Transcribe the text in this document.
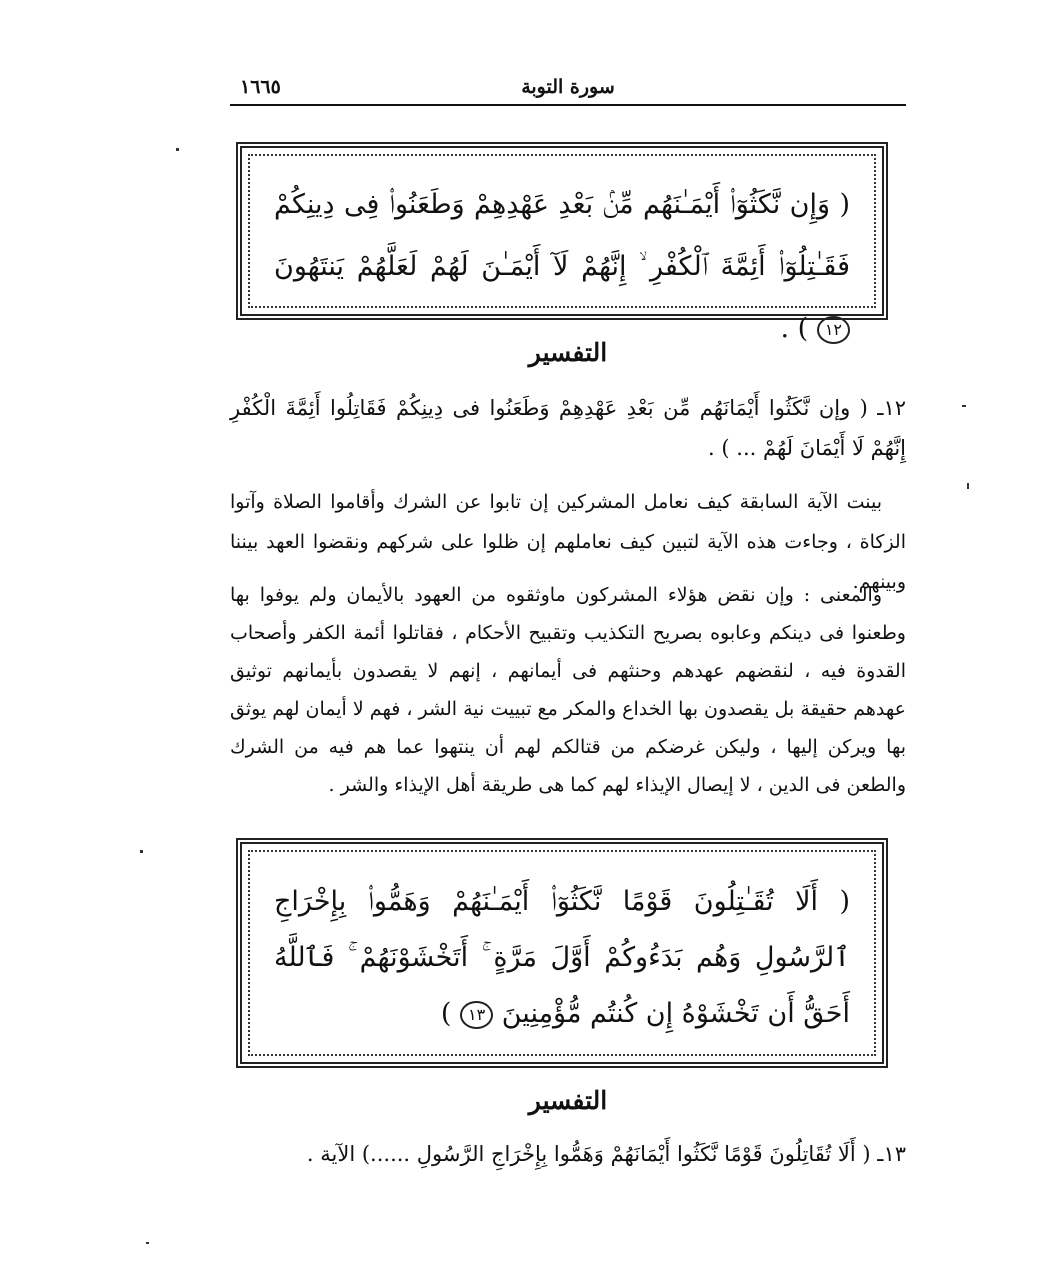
١٦٦٥	سورة التوبة
( وَإِن نَّكَثُوٓا۟ أَيْمَـٰنَهُم مِّنۢ بَعْدِ عَهْدِهِمْ وَطَعَنُوا۟ فِى دِينِكُمْ فَقَـٰتِلُوٓا۟ أَئِمَّةَ ٱلْكُفْرِ ۙ إِنَّهُمْ لَآ أَيْمَـٰنَ لَهُمْ لَعَلَّهُمْ يَنتَهُونَ ١٢ ) .
التفسير
١٢ـ ( وإن نَّكَثُوا أَيْمَانَهُم مِّن بَعْدِ عَهْدِهِمْ وَطَعَنُوا فى دِينِكُمْ فَقَاتِلُوا أَئِمَّةَ الْكُفْرِ إِنَّهُمْ لَا أَيْمَانَ لَهُمْ ... ) .
بينت الآية السابقة كيف نعامل المشركين إن تابوا عن الشرك وأقاموا الصلاة وآتوا الزكاة ، وجاءت هذه الآية لتبين كيف نعاملهم إن ظلوا على شركهم ونقضوا العهد بيننا وبينهم.
والمعنى : وإن نقض هؤلاء المشركون ماوثقوه من العهود بالأيمان ولم يوفوا بها وطعنوا فى دينكم وعابوه بصريح التكذيب وتقبيح الأحكام ، فقاتلوا أئمة الكفر وأصحاب القدوة فيه ، لنقضهم عهدهم وحنثهم فى أيمانهم ، إنهم لا يقصدون بأيمانهم توثيق عهدهم حقيقة بل يقصدون بها الخداع والمكر مع تبييت نية الشر ، فهم لا أيمان لهم يوثق بها ويركن إليها ، وليكن غرضكم من قتالكم لهم أن ينتهوا عما هم فيه من الشرك والطعن فى الدين ، لا إيصال الإيذاء لهم كما هى طريقة أهل الإيذاء والشر .
( أَلَا تُقَـٰتِلُونَ قَوْمًا نَّكَثُوٓا۟ أَيْمَـٰنَهُمْ وَهَمُّوا۟ بِإِخْرَاجِ ٱلرَّسُولِ وَهُم بَدَءُوكُمْ أَوَّلَ مَرَّةٍ ۚ أَتَخْشَوْنَهُمْ ۚ فَٱللَّهُ أَحَقُّ أَن تَخْشَوْهُ إِن كُنتُم مُّؤْمِنِينَ ١٣ )
التفسير
١٣ـ ( أَلَا تُقَاتِلُونَ قَوْمًا نَّكَثُوا أَيْمَانَهُمْ وَهَمُّوا بِإِخْرَاجِ الرَّسُولِ ......) الآية .
